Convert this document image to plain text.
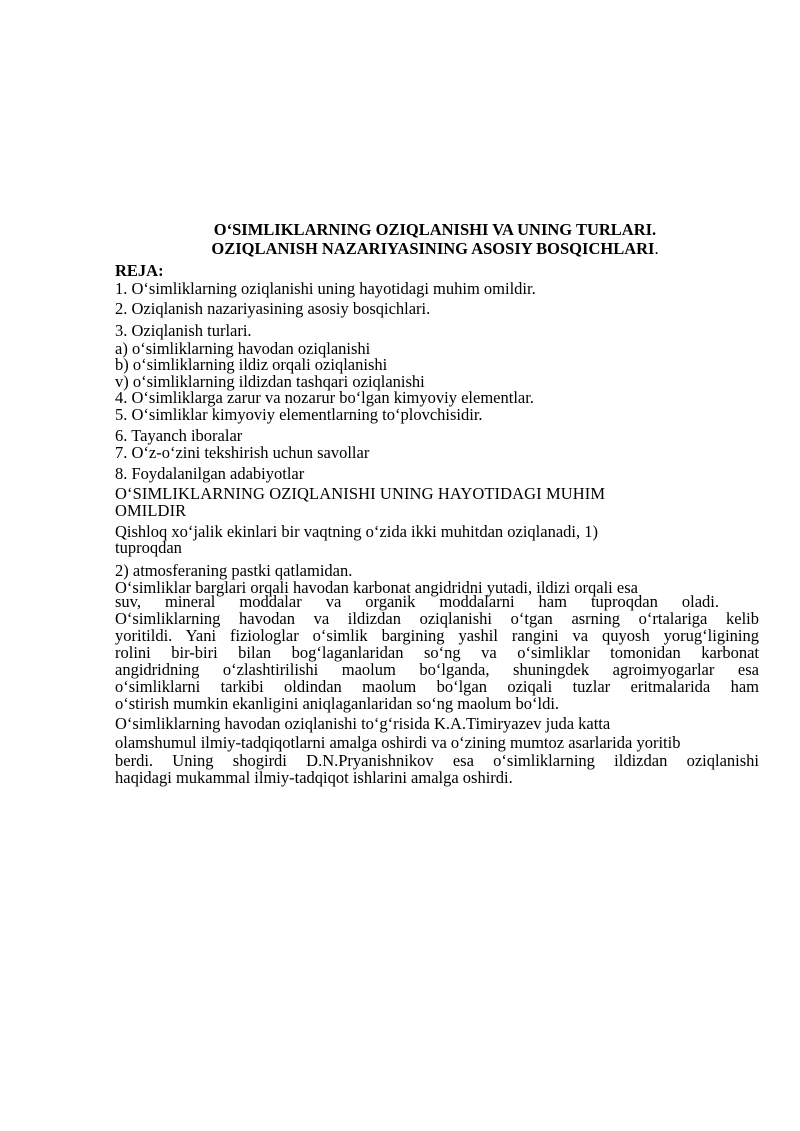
O‘SIMLIKLARNING OZIQLANISHI VA UNING TURLARI.
OZIQLANISH NAZARIYASINING ASOSIY BOSQICHLARI.
REJA:
1. O‘simliklarning oziqlanishi uning hayotidagi muhim omildir.
2. Oziqlanish nazariyasining asosiy bosqichlari.
3. Oziqlanish turlari.
a) o‘simliklarning havodan oziqlanishi
b) o‘simliklarning ildiz orqali oziqlanishi
v) o‘simliklarning ildizdan tashqari oziqlanishi
4. O‘simliklarga zarur va nozarur bo‘lgan kimyoviy elementlar.
5. O‘simliklar kimyoviy elementlarning to‘plovchisidir.
6. Tayanch iboralar
7. O‘z-o‘zini tekshirish uchun savollar
8. Foydalanilgan adabiyotlar
O‘SIMLIKLARNING OZIQLANISHI UNING HAYOTIDAGI MUHIM
OMILDIR
Qishloq xo‘jalik ekinlari bir vaqtning o‘zida ikki muhitdan oziqlanadi, 1)
tuproqdan
2) atmosferaning pastki qatlamidan.
O‘simliklar barglari orqali havodan karbonat angidridni yutadi, ildizi orqali esa
suv, mineral moddalar va organik moddalarni ham tuproqdan oladi.
O‘simliklarning havodan va ildizdan oziqlanishi o‘tgan asrning o‘rtalariga kelib
yoritildi. Yani fiziologlar o‘simlik bargining yashil rangini va quyosh yorug‘ligining
rolini bir-biri bilan bog‘laganlaridan so‘ng va o‘simliklar tomonidan karbonat
angidridning o‘zlashtirilishi maolum bo‘lganda, shuningdek agroimyogarlar esa
o‘simliklarni tarkibi oldindan maolum bo‘lgan oziqali tuzlar eritmalarida ham
o‘stirish mumkin ekanligini aniqlaganlaridan so‘ng maolum bo‘ldi.
O‘simliklarning havodan oziqlanishi to‘g‘risida K.A.Timiryazev juda katta
olamshumul ilmiy-tadqiqotlarni amalga oshirdi va o‘zining mumtoz asarlarida yoritib
berdi. Uning shogirdi D.N.Pryanishnikov esa o‘simliklarning ildizdan oziqlanishi
haqidagi mukammal ilmiy-tadqiqot ishlarini amalga oshirdi.
